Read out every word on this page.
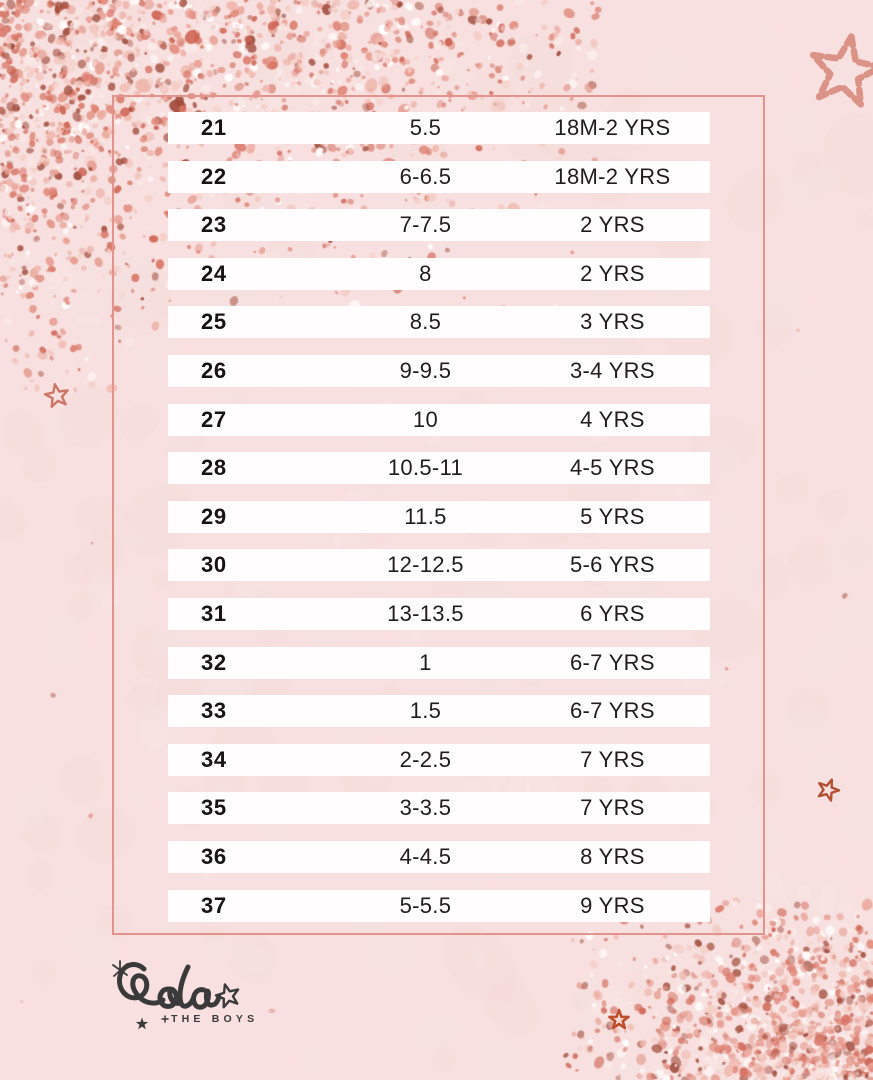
21	5.5	18M-2 YRS
22	6-6.5	18M-2 YRS
23	7-7.5	2 YRS
24	8	2 YRS
25	8.5	3 YRS
26	9-9.5	3-4 YRS
27	10	4 YRS
28	10.5-11	4-5 YRS
29	11.5	5 YRS
30	12-12.5	5-6 YRS
31	13-13.5	6 YRS
32	1	6-7 YRS
33	1.5	6-7 YRS
34	2-2.5	7 YRS
35	3-3.5	7 YRS
36	4-4.5	8 YRS
37	5-5.5	9 YRS
THE BOYS
